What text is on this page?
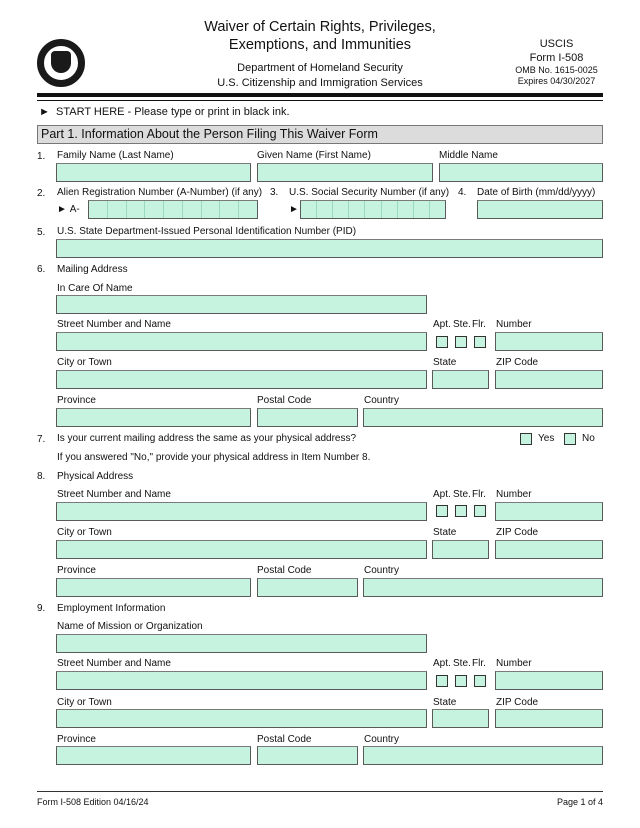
Waiver of Certain Rights, Privileges,
Exemptions, and Immunities
Department of Homeland Security
U.S. Citizenship and Immigration Services
USCIS
Form I-508
OMB No. 1615-0025
Expires 04/30/2027
► START HERE - Please type or print in black ink.
Part 1. Information About the Person Filing This Waiver Form
1. Family Name (Last Name)	Given Name (First Name)	Middle Name
2. Alien Registration Number (A-Number) (if any) 3. U.S. Social Security Number (if any) 4. Date of Birth (mm/dd/yyyy)
► A-	►
5. U.S. State Department-Issued Personal Identification Number (PID)
6. Mailing Address
In Care Of Name
Street Number and Name	Apt. Ste. Flr. Number
City or Town	State	ZIP Code
Province	Postal Code	Country
7. Is your current mailing address the same as your physical address?	Yes	No
If you answered "No," provide your physical address in Item Number 8.
8. Physical Address
Street Number and Name	Apt. Ste. Flr. Number
City or Town	State	ZIP Code
Province	Postal Code	Country
9. Employment Information
Name of Mission or Organization
Street Number and Name	Apt. Ste. Flr. Number
City or Town	State	ZIP Code
Province	Postal Code	Country
Form I-508 Edition 04/16/24	Page 1 of 4
